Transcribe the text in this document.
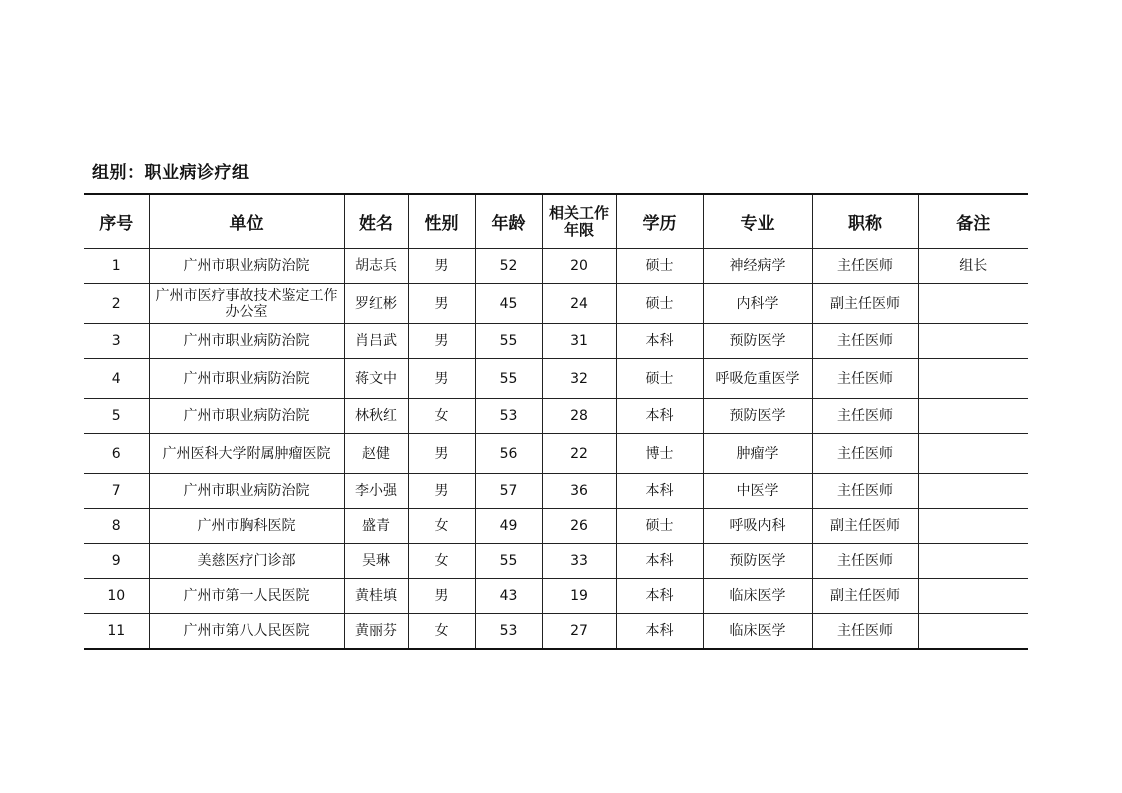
组别：职业病诊疗组
序号	单位	姓名	性别	年龄	相关工作年限	学历	专业	职称	备注
1	广州市职业病防治院	胡志兵	男	52	20	硕士	神经病学	主任医师	组长
2	广州市医疗事故技术鉴定工作办公室	罗红彬	男	45	24	硕士	内科学	副主任医师	
3	广州市职业病防治院	肖吕武	男	55	31	本科	预防医学	主任医师	
4	广州市职业病防治院	蒋文中	男	55	32	硕士	呼吸危重医学	主任医师	
5	广州市职业病防治院	林秋红	女	53	28	本科	预防医学	主任医师	
6	广州医科大学附属肿瘤医院	赵健	男	56	22	博士	肿瘤学	主任医师	
7	广州市职业病防治院	李小强	男	57	36	本科	中医学	主任医师	
8	广州市胸科医院	盛青	女	49	26	硕士	呼吸内科	副主任医师	
9	美慈医疗门诊部	吴琳	女	55	33	本科	预防医学	主任医师	
10	广州市第一人民医院	黄桂填	男	43	19	本科	临床医学	副主任医师	
11	广州市第八人民医院	黄丽芬	女	53	27	本科	临床医学	主任医师	
